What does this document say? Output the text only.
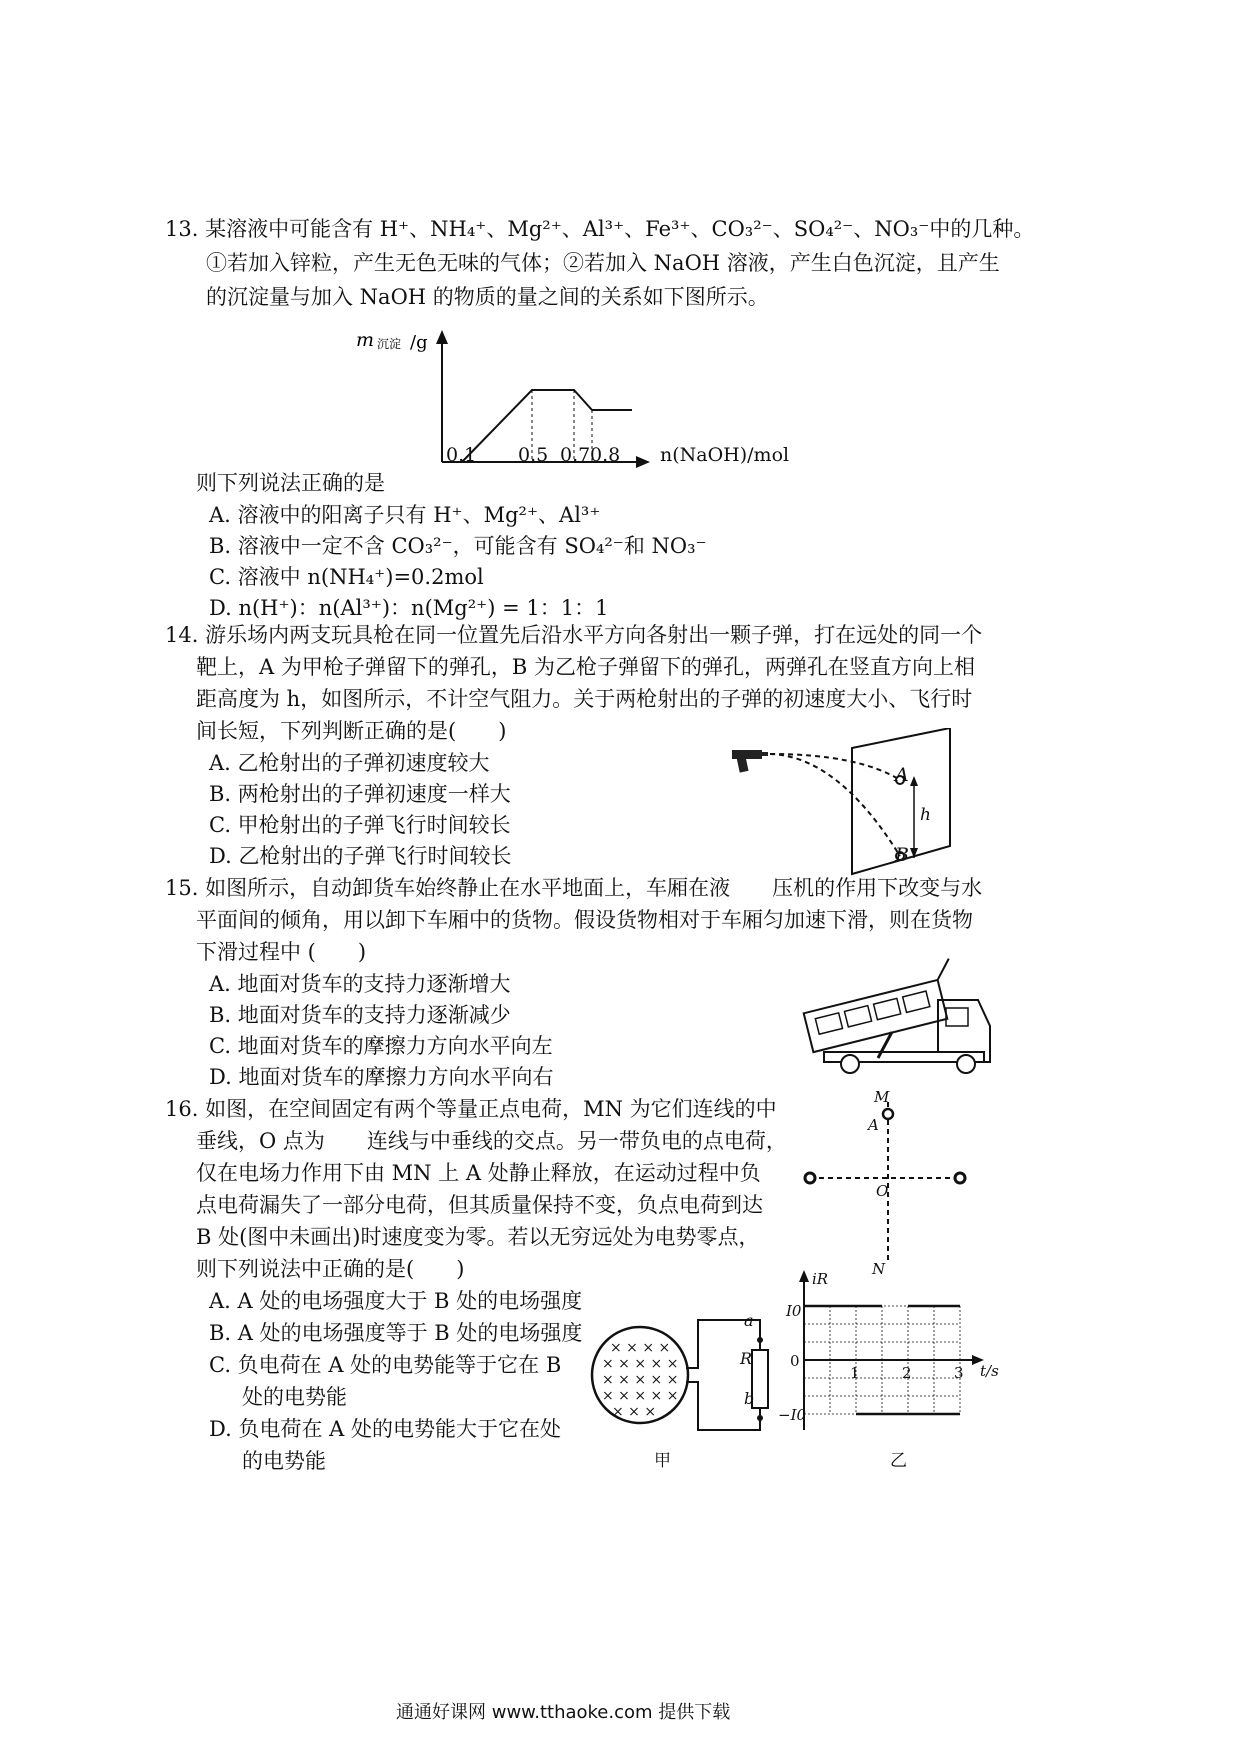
13. 某溶液中可能含有 H⁺、NH₄⁺、Mg²⁺、Al³⁺、Fe³⁺、CO₃²⁻、SO₄²⁻、NO₃⁻中的几种。
①若加入锌粒，产生无色无味的气体；②若加入 NaOH 溶液，产生白色沉淀，且产生
的沉淀量与加入 NaOH 的物质的量之间的关系如下图所示。
m 沉淀 /g
0.1 0.5 0.7 0.8 n(NaOH)/mol
则下列说法正确的是
A. 溶液中的阳离子只有 H⁺、Mg²⁺、Al³⁺
B. 溶液中一定不含 CO₃²⁻，可能含有 SO₄²⁻和 NO₃⁻
C. 溶液中 n(NH₄⁺)=0.2mol
D. n(H⁺)：n(Al³⁺)：n(Mg²⁺) = 1：1：1
14. 游乐场内两支玩具枪在同一位置先后沿水平方向各射出一颗子弹，打在远处的同一个
靶上，A 为甲枪子弹留下的弹孔，B 为乙枪子弹留下的弹孔，两弹孔在竖直方向上相
距高度为 h，如图所示，不计空气阻力。关于两枪射出的子弹的初速度大小、飞行时
间长短，下列判断正确的是(　　)
A. 乙枪射出的子弹初速度较大
B. 两枪射出的子弹初速度一样大
C. 甲枪射出的子弹飞行时间较长
D. 乙枪射出的子弹飞行时间较长
A
B
h
15. 如图所示，自动卸货车始终静止在水平地面上，车厢在液　　压机的作用下改变与水
平面间的倾角，用以卸下车厢中的货物。假设货物相对于车厢匀加速下滑，则在货物
下滑过程中 (　　)
A. 地面对货车的支持力逐渐增大
B. 地面对货车的支持力逐渐减少
C. 地面对货车的摩擦力方向水平向左
D. 地面对货车的摩擦力方向水平向右
16. 如图，在空间固定有两个等量正点电荷，MN 为它们连线的中
垂线，O 点为　　连线与中垂线的交点。另一带负电的点电荷，
仅在电场力作用下由 MN 上 A 处静止释放，在运动过程中负
点电荷漏失了一部分电荷，但其质量保持不变，负点电荷到达
B 处(图中未画出)时速度变为零。若以无穷远处为电势零点，
则下列说法中正确的是(　　)
A. A 处的电场强度大于 B 处的电场强度
B. A 处的电场强度等于 B 处的电场强度
C. 负电荷在 A 处的电势能等于它在 B
处的电势能
D. 负电荷在 A 处的电势能大于它在处
的电势能
M
A
O
N
× × × ×
× × × × ×
× × × × ×
× × × × ×
× × ×
a
b
R
甲
iR
I0
0
−I0
1	2	3 t/s
乙
通通好课网 www.tthaoke.com 提供下载
